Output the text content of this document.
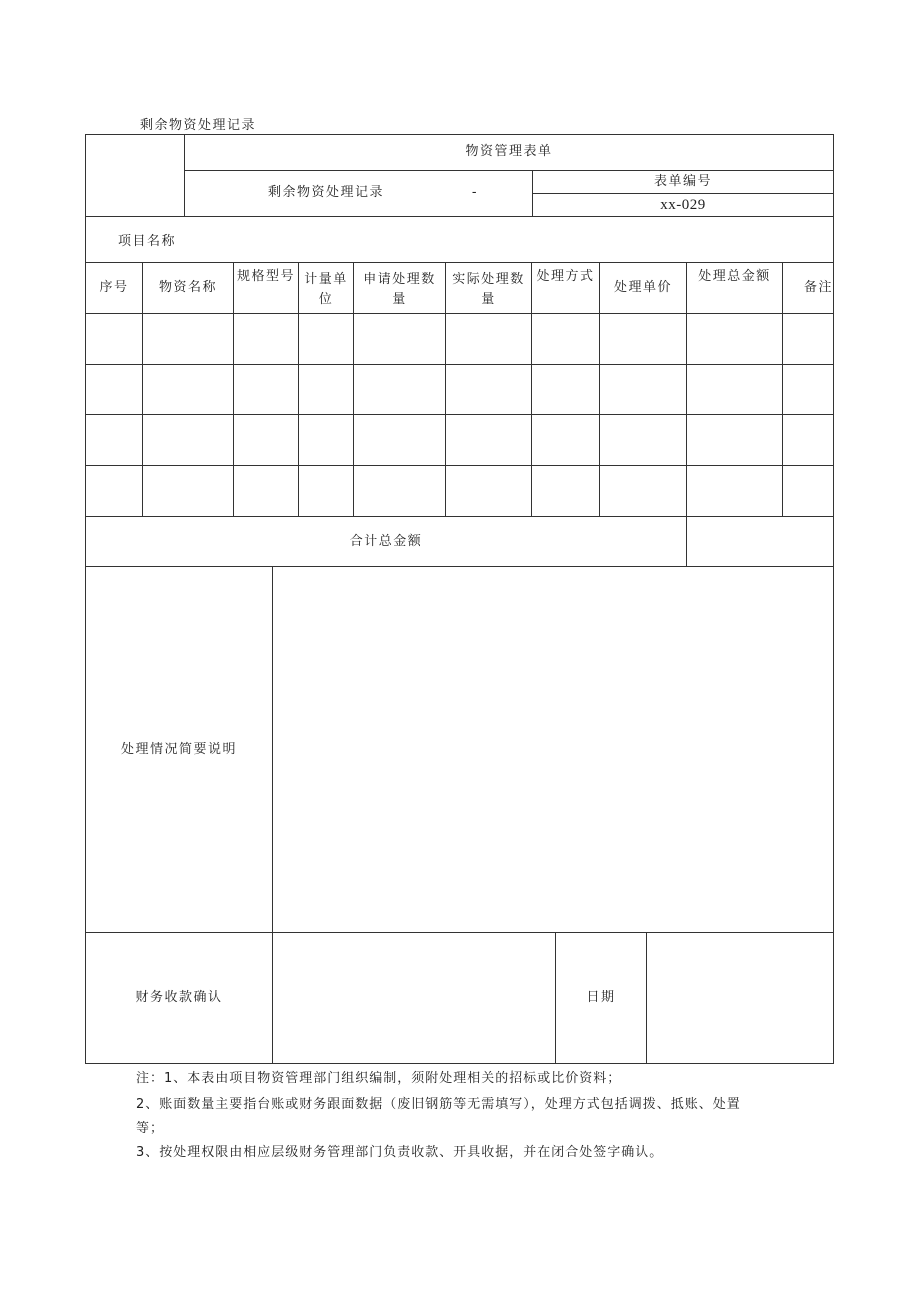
剩余物资处理记录
物资管理表单
剩余物资处理记录	-
表单编号
xx-029
项目名称
序号 物资名称
规格型号 计量单
位
申请处理数
量
实际处理数
量
处理方式
处理单价
处理总金额
备注
合计总金额
处理情况简要说明
财务收款确认	日期
注：1、本表由项目物资管理部门组织编制，须附处理相关的招标或比价资料；
2、账面数量主要指台账或财务跟面数据（废旧钢筋等无需填写），处理方式包括调拨、抵账、处置
等；
3、按处理权限由相应层级财务管理部门负责收款、开具收据，并在闭合处签字确认。
